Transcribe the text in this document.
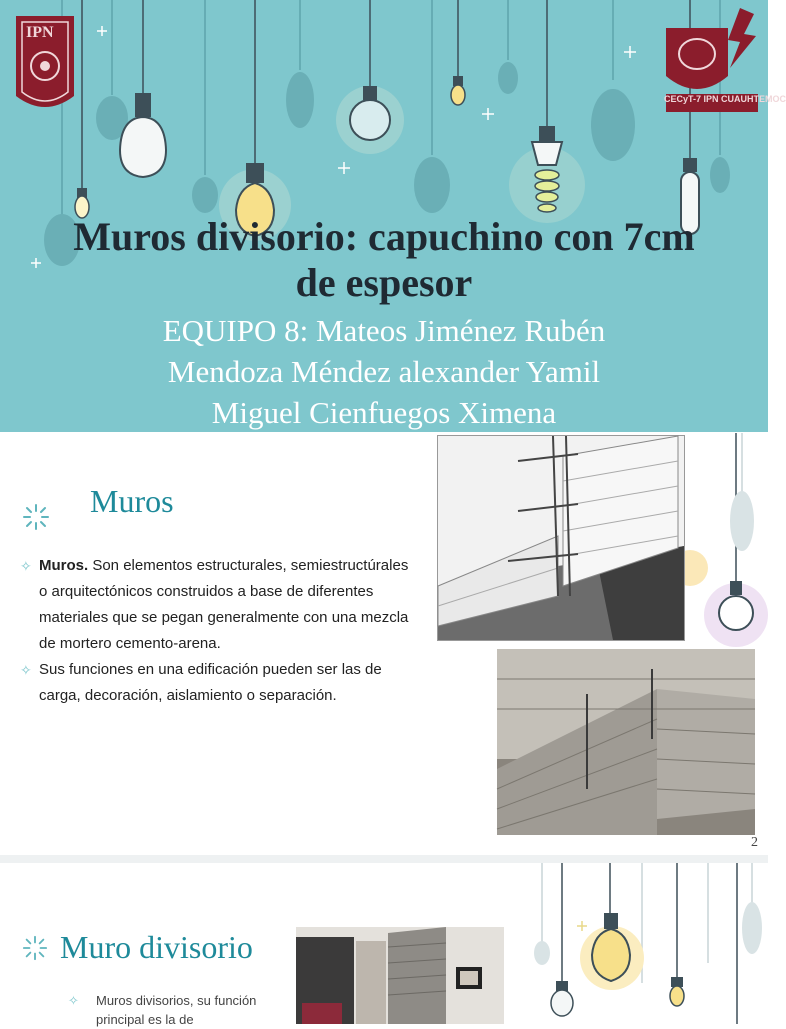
IPN
CECyT-7 IPN CUAUHTEMOC
Muros divisorio: capuchino con 7cm
de espesor
EQUIPO 8: Mateos Jiménez Rubén
Mendoza Méndez alexander Yamil
Miguel Cienfuegos Ximena
Muros
✧ Muros. Son elementos estructurales, semiestructúrales o arquitectónicos construidos a base de diferentes materiales que se pegan generalmente con una mezcla de mortero cemento-arena.
✧ Sus funciones en una edificación pueden ser las de carga, decoración, aislamiento o separación.
2
Muro divisorio
✧ Muros divisorios, su función principal es la de
